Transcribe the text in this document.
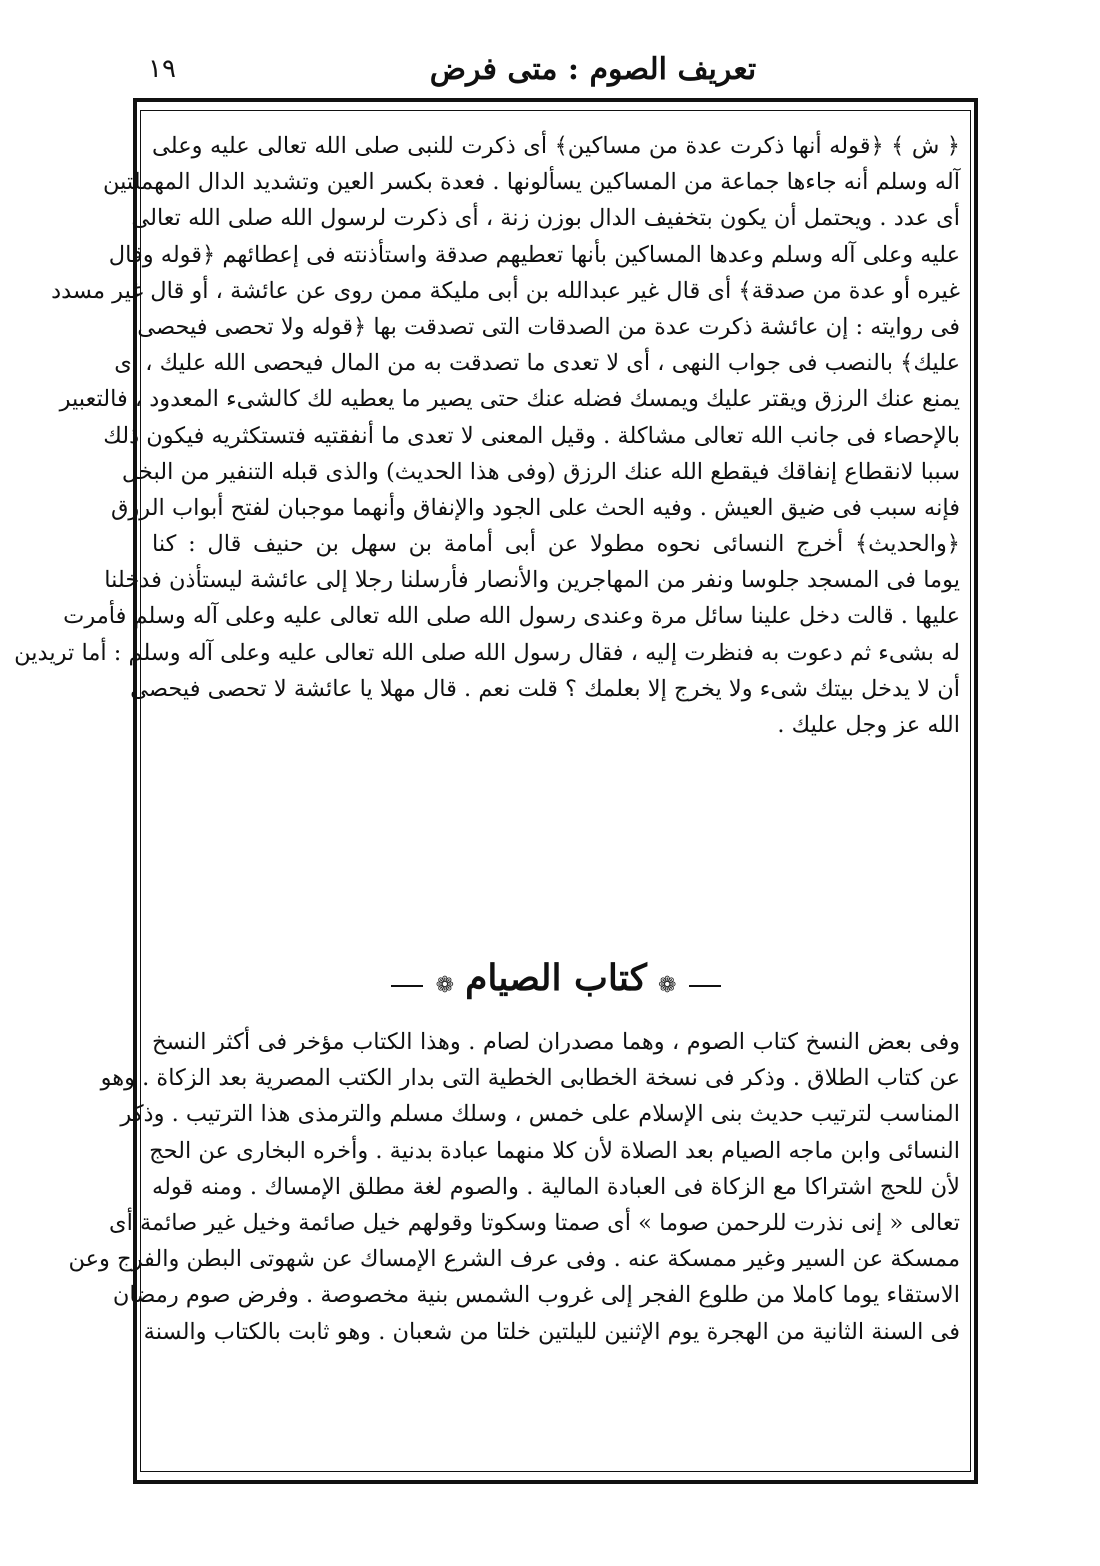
تعريف الصوم : متى فرض
١٩
﴿ ش ﴾ ﴿قوله أنها ذكرت عدة من مساكين﴾ أى ذكرت للنبى صلى الله تعالى عليه وعلى
آله وسلم أنه جاءها جماعة من المساكين يسألونها . فعدة بكسر العين وتشديد الدال المهملتين
أى عدد . ويحتمل أن يكون بتخفيف الدال بوزن زنة ، أى ذكرت لرسول الله صلى الله تعالى
عليه وعلى آله وسلم وعدها المساكين بأنها تعطيهم صدقة واستأذنته فى إعطائهم ﴿قوله وقال
غيره أو عدة من صدقة﴾ أى قال غير عبدالله بن أبى مليكة ممن روى عن عائشة ، أو قال غير مسدد
فى روايته : إن عائشة ذكرت عدة من الصدقات التى تصدقت بها ﴿قوله ولا تحصى فيحصى
عليك﴾ بالنصب فى جواب النهى ، أى لا تعدى ما تصدقت به من المال فيحصى الله عليك ، أى
يمنع عنك الرزق ويقتر عليك ويمسك فضله عنك حتى يصير ما يعطيه لك كالشىء المعدود ، فالتعبير
بالإحصاء فى جانب الله تعالى مشاكلة . وقيل المعنى لا تعدى ما أنفقتيه فتستكثريه فيكون ذلك
سببا لانقطاع إنفاقك فيقطع الله عنك الرزق (وفى هذا الحديث) والذى قبله التنفير من البخل
فإنه سبب فى ضيق العيش . وفيه الحث على الجود والإنفاق وأنهما موجبان لفتح أبواب الرزق
﴿والحديث﴾ أخرج النسائى نحوه مطولا عن أبى أمامة بن سهل بن حنيف قال : كنا
يوما فى المسجد جلوسا ونفر من المهاجرين والأنصار فأرسلنا رجلا إلى عائشة ليستأذن فدخلنا
عليها . قالت دخل علينا سائل مرة وعندى رسول الله صلى الله تعالى عليه وعلى آله وسلم فأمرت
له بشىء ثم دعوت به فنظرت إليه ، فقال رسول الله صلى الله تعالى عليه وعلى آله وسلم : أما تريدين
أن لا يدخل بيتك شىء ولا يخرج إلا بعلمك ؟ قلت نعم . قال مهلا يا عائشة لا تحصى فيحصى
الله عز وجل عليك .
❁ كتاب الصيام ❁
وفى بعض النسخ كتاب الصوم ، وهما مصدران لصام . وهذا الكتاب مؤخر فى أكثر النسخ
عن كتاب الطلاق . وذكر فى نسخة الخطابى الخطية التى بدار الكتب المصرية بعد الزكاة . وهو
المناسب لترتيب حديث بنى الإسلام على خمس ، وسلك مسلم والترمذى هذا الترتيب . وذكر
النسائى وابن ماجه الصيام بعد الصلاة لأن كلا منهما عبادة بدنية . وأخره البخارى عن الحج
لأن للحج اشتراكا مع الزكاة فى العبادة المالية . والصوم لغة مطلق الإمساك . ومنه قوله
تعالى « إنى نذرت للرحمن صوما » أى صمتا وسكوتا وقولهم خيل صائمة وخيل غير صائمة أى
ممسكة عن السير وغير ممسكة عنه . وفى عرف الشرع الإمساك عن شهوتى البطن والفرج وعن
الاستقاء يوما كاملا من طلوع الفجر إلى غروب الشمس بنية مخصوصة . وفرض صوم رمضان
فى السنة الثانية من الهجرة يوم الإثنين لليلتين خلتا من شعبان . وهو ثابت بالكتاب والسنة
